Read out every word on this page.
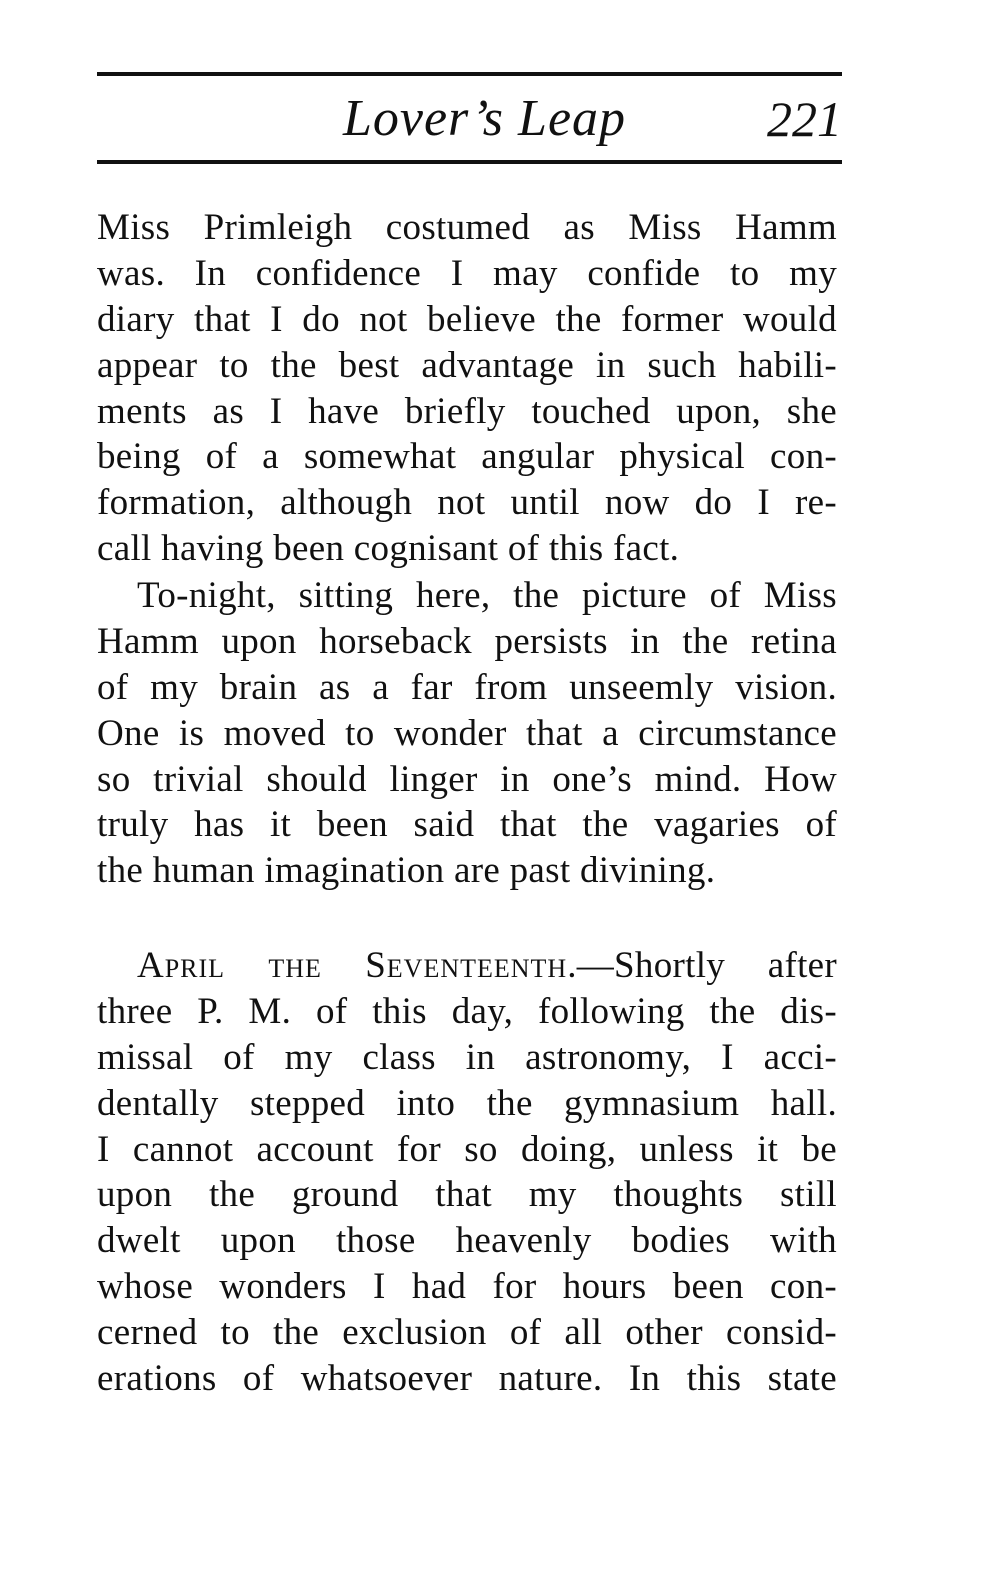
Lover’s Leap	221
Miss Primleigh costumed as Miss Hamm
was. In confidence I may confide to my
diary that I do not believe the former would
appear to the best advantage in such habili-
ments as I have briefly touched upon, she
being of a somewhat angular physical con-
formation, although not until now do I re-
call having been cognisant of this fact.
To-night, sitting here, the picture of Miss
Hamm upon horseback persists in the retina
of my brain as a far from unseemly vision.
One is moved to wonder that a circumstance
so trivial should linger in one’s mind. How
truly has it been said that the vagaries of
the human imagination are past divining.
April the Seventeenth.—Shortly after
three P. M. of this day, following the dis-
missal of my class in astronomy, I acci-
dentally stepped into the gymnasium hall.
I cannot account for so doing, unless it be
upon the ground that my thoughts still
dwelt upon those heavenly bodies with
whose wonders I had for hours been con-
cerned to the exclusion of all other consid-
erations of whatsoever nature. In this state
